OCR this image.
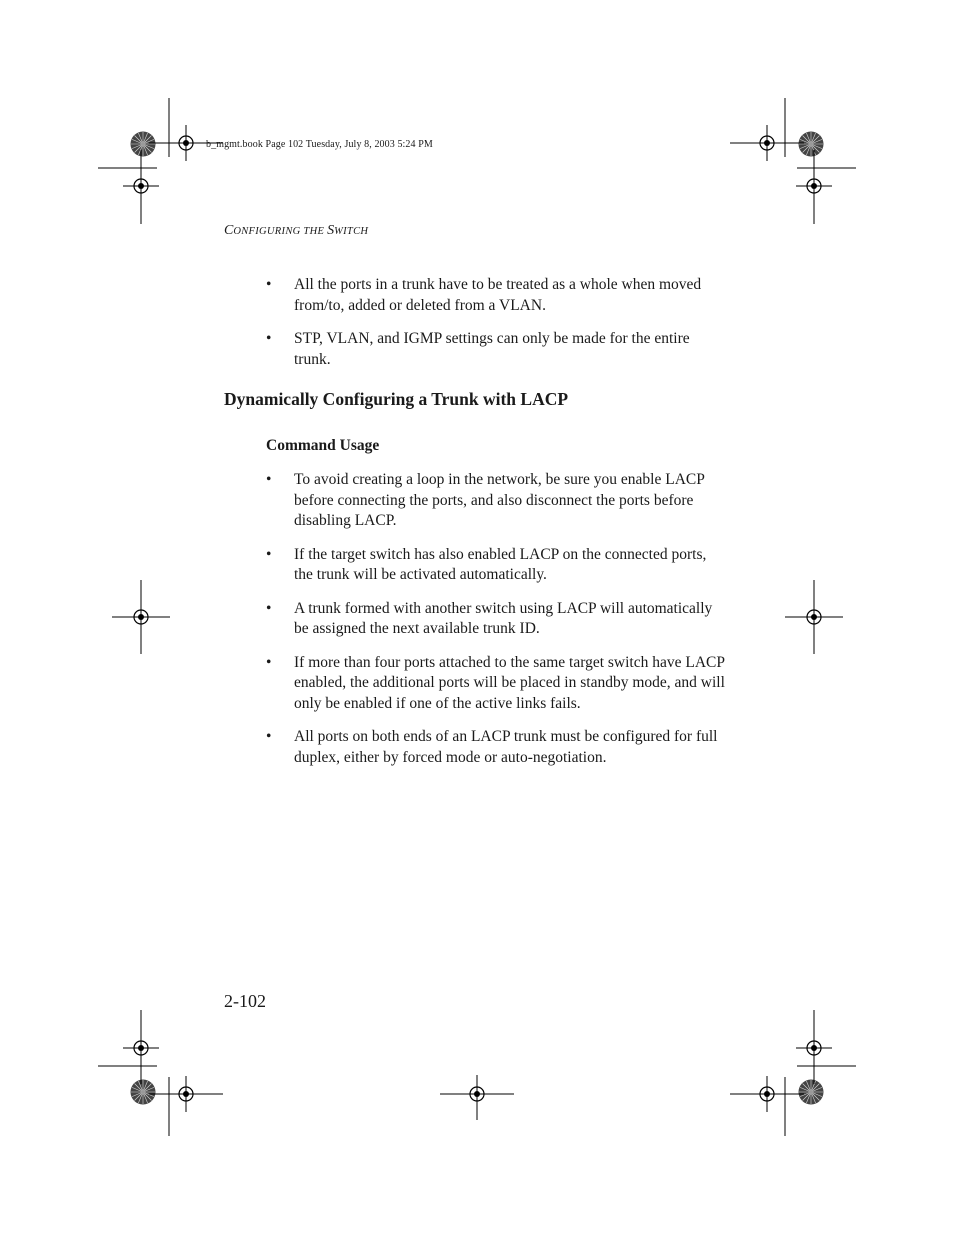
b_mgmt.book Page 102 Tuesday, July 8, 2003 5:24 PM
CONFIGURING THE SWITCH
• All the ports in a trunk have to be treated as a whole when moved from/to, added or deleted from a VLAN.
• STP, VLAN, and IGMP settings can only be made for the entire trunk.
Dynamically Configuring a Trunk with LACP
Command Usage
• To avoid creating a loop in the network, be sure you enable LACP before connecting the ports, and also disconnect the ports before disabling LACP.
• If the target switch has also enabled LACP on the connected ports, the trunk will be activated automatically.
• A trunk formed with another switch using LACP will automatically be assigned the next available trunk ID.
• If more than four ports attached to the same target switch have LACP enabled, the additional ports will be placed in standby mode, and will only be enabled if one of the active links fails.
• All ports on both ends of an LACP trunk must be configured for full duplex, either by forced mode or auto-negotiation.
2-102
